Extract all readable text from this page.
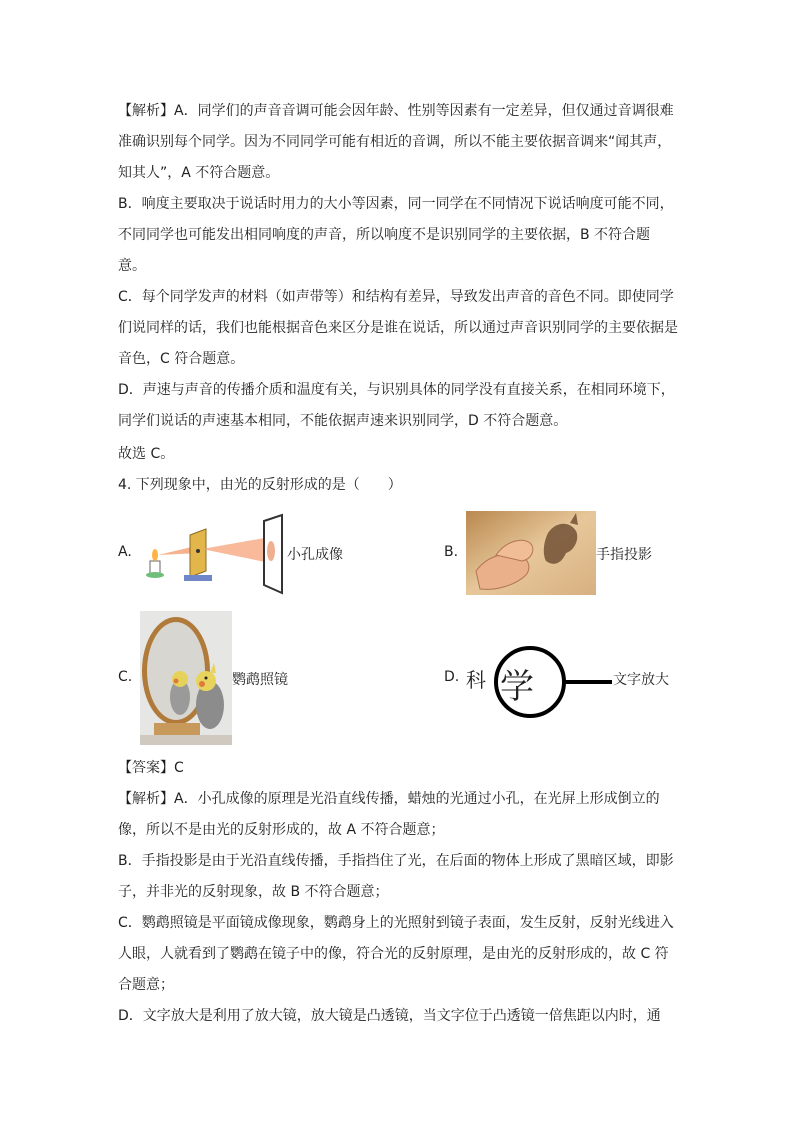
【解析】A．同学们的声音音调可能会因年龄、性别等因素有一定差异，但仅通过音调很难准确识别每个同学。因为不同同学可能有相近的音调，所以不能主要依据音调来“闻其声，知其人”，A 不符合题意。

B．响度主要取决于说话时用力的大小等因素，同一同学在不同情况下说话响度可能不同，不同同学也可能发出相同响度的声音，所以响度不是识别同学的主要依据，B 不符合题意。

C．每个同学发声的材料（如声带等）和结构有差异，导致发出声音的音色不同。即使同学们说同样的话，我们也能根据音色来区分是谁在说话，所以通过声音识别同学的主要依据是音色，C 符合题意。

D．声速与声音的传播介质和温度有关，与识别具体的同学没有直接关系，在相同环境下，同学们说话的声速基本相同，不能依据声速来识别同学，D 不符合题意。

故选 C。

4. 下列现象中，由光的反射形成的是（　　）

A.	小孔成像	B.	手指投影
C.	鹦鹉照镜	D. 科 学	文字放大

【答案】C

【解析】A．小孔成像的原理是光沿直线传播，蜡烛的光通过小孔，在光屏上形成倒立的像，所以不是由光的反射形成的，故 A 不符合题意；

B．手指投影是由于光沿直线传播，手指挡住了光，在后面的物体上形成了黑暗区域，即影子，并非光的反射现象，故 B 不符合题意；

C．鹦鹉照镜是平面镜成像现象，鹦鹉身上的光照射到镜子表面，发生反射，反射光线进入人眼，人就看到了鹦鹉在镜子中的像，符合光的反射原理，是由光的反射形成的，故 C 符合题意；

D．文字放大是利用了放大镜，放大镜是凸透镜，当文字位于凸透镜一倍焦距以内时，通
